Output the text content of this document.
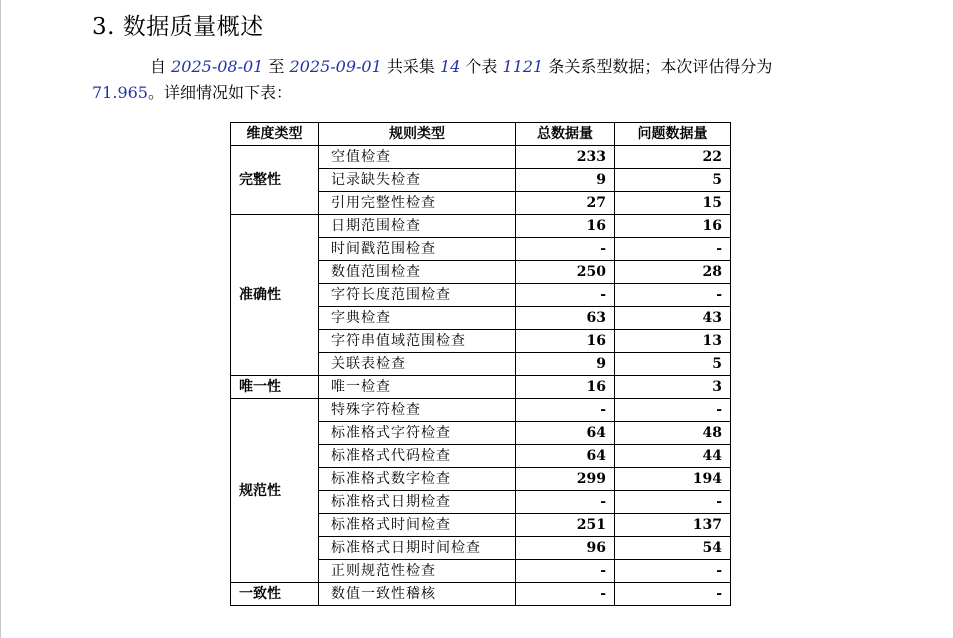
3. 数据质量概述
自 2025-08-01 至 2025-09-01 共采集 14 个表 1121 条关系型数据；本次评估得分为
71.965。详细情况如下表：
维度类型	规则类型	总数据量	问题数据量
完整性	空值检查	233	22
	记录缺失检查	9	5
	引用完整性检查	27	15
准确性	日期范围检查	16	16
	时间戳范围检查	-	-
	数值范围检查	250	28
	字符长度范围检查	-	-
	字典检查	63	43
	字符串值域范围检查	16	13
	关联表检查	9	5
唯一性	唯一检查	16	3
规范性	特殊字符检查	-	-
	标准格式字符检查	64	48
	标准格式代码检查	64	44
	标准格式数字检查	299	194
	标准格式日期检查	-	-
	标准格式时间检查	251	137
	标准格式日期时间检查	96	54
	正则规范性检查	-	-
一致性	数值一致性稽核	-	-
